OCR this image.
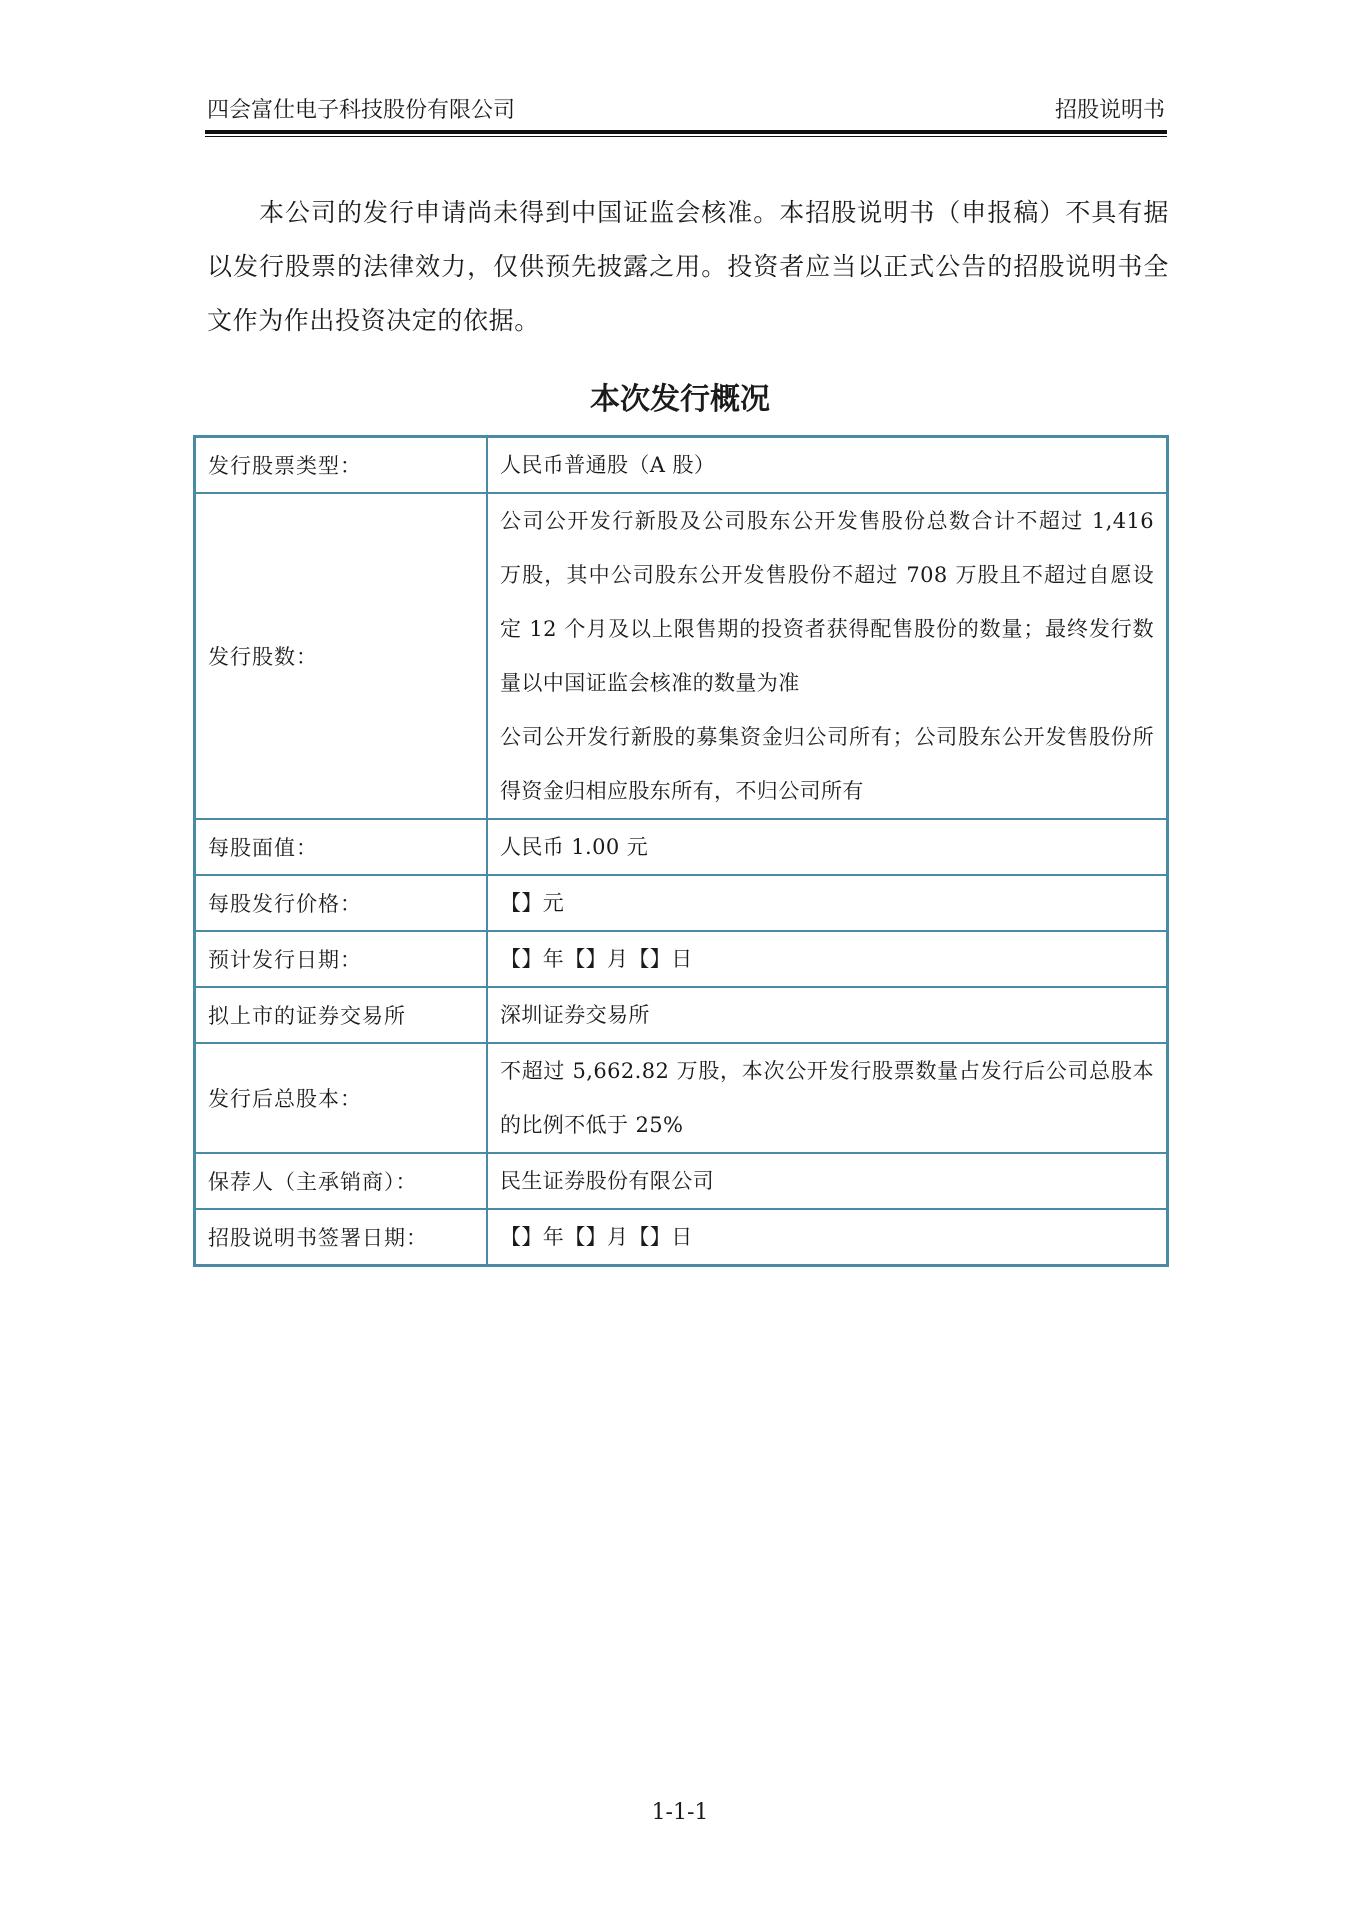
四会富仕电子科技股份有限公司	招股说明书
本公司的发行申请尚未得到中国证监会核准。本招股说明书（申报稿）不具有据以发行股票的法律效力，仅供预先披露之用。投资者应当以正式公告的招股说明书全文作为作出投资决定的依据。
本次发行概况
发行股票类型：	人民币普通股（A 股）
发行股数：	公司公开发行新股及公司股东公开发售股份总数合计不超过 1,416 万股，其中公司股东公开发售股份不超过 708 万股且不超过自愿设定 12 个月及以上限售期的投资者获得配售股份的数量；最终发行数量以中国证监会核准的数量为准
公司公开发行新股的募集资金归公司所有；公司股东公开发售股份所得资金归相应股东所有，不归公司所有

每股面值：	人民币 1.00 元
每股发行价格：	【】元
预计发行日期：	【】年【】月【】日
拟上市的证券交易所	深圳证券交易所
发行后总股本：	不超过 5,662.82 万股，本次公开发行股票数量占发行后公司总股本的比例不低于 25%
保荐人（主承销商）：	民生证券股份有限公司
招股说明书签署日期：	【】年【】月【】日
1-1-1
